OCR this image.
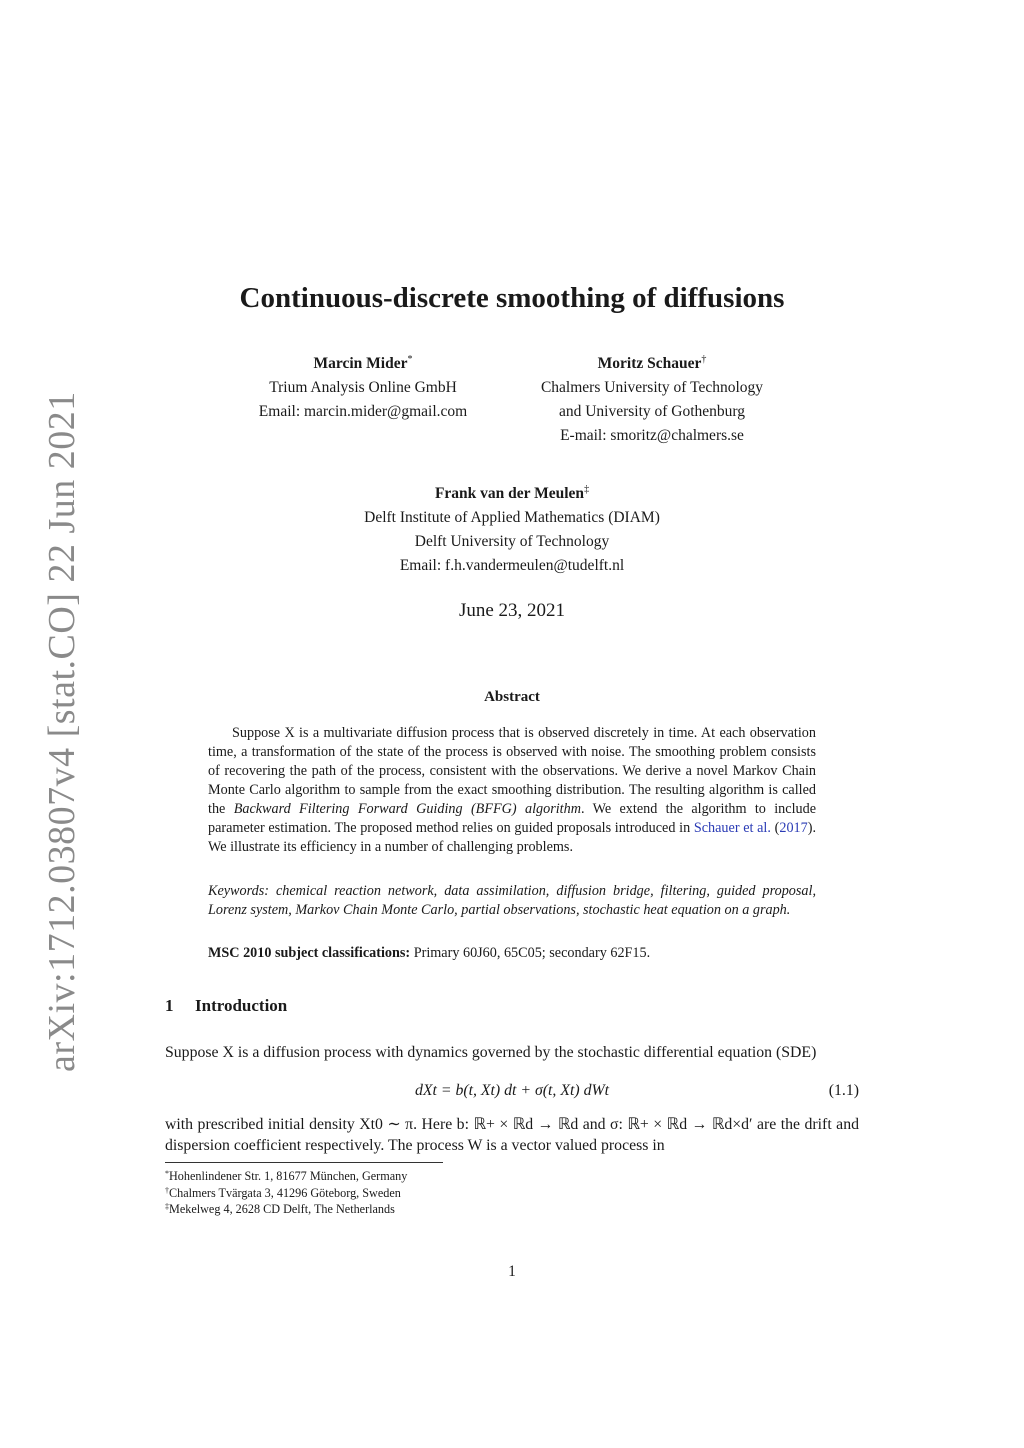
arXiv:1712.03807v4 [stat.CO] 22 Jun 2021
Continuous-discrete smoothing of diffusions
Marcin Mider*
Trium Analysis Online GmbH
Email: marcin.mider@gmail.com
Moritz Schauer†
Chalmers University of Technology
and University of Gothenburg
E-mail: smoritz@chalmers.se
Frank van der Meulen‡
Delft Institute of Applied Mathematics (DIAM)
Delft University of Technology
Email: f.h.vandermeulen@tudelft.nl
June 23, 2021
Abstract
Suppose X is a multivariate diffusion process that is observed discretely in time. At each observation time, a transformation of the state of the process is observed with noise. The smoothing problem consists of recovering the path of the process, consistent with the observations. We derive a novel Markov Chain Monte Carlo algorithm to sample from the exact smoothing distribution. The resulting algorithm is called the Backward Filtering Forward Guiding (BFFG) algorithm. We extend the algorithm to include parameter estimation. The proposed method relies on guided proposals introduced in Schauer et al. (2017). We illustrate its efficiency in a number of challenging problems.
Keywords: chemical reaction network, data assimilation, diffusion bridge, filtering, guided proposal, Lorenz system, Markov Chain Monte Carlo, partial observations, stochastic heat equation on a graph.
MSC 2010 subject classifications: Primary 60J60, 65C05; secondary 62F15.
1 Introduction
Suppose X is a diffusion process with dynamics governed by the stochastic differential equation (SDE)
dXt = b(t, Xt) dt + σ(t, Xt) dWt	(1.1)
with prescribed initial density Xt0 ∼ π. Here b: ℝ+ × ℝd → ℝd and σ: ℝ+ × ℝd → ℝd×d′ are the drift and dispersion coefficient respectively. The process W is a vector valued process in
*Hohenlindener Str. 1, 81677 München, Germany
†Chalmers Tvärgata 3, 41296 Göteborg, Sweden
‡Mekelweg 4, 2628 CD Delft, The Netherlands
1
